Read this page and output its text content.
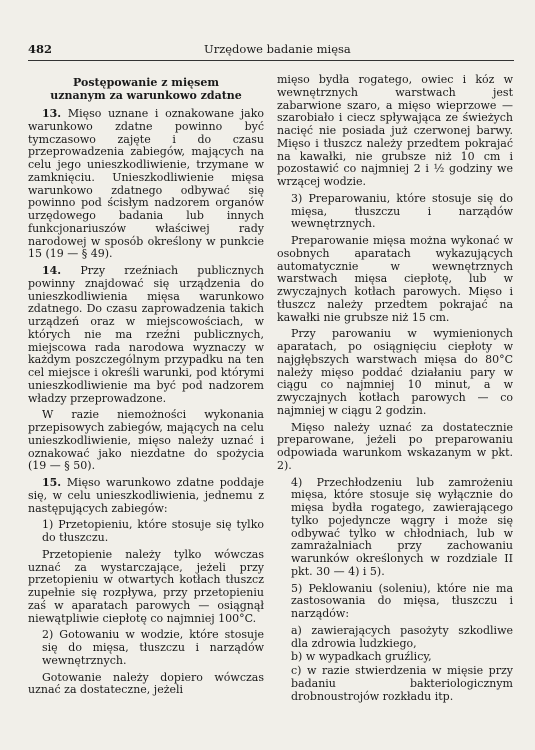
482	Urzędowe badanie mięsa
Postępowanie z mięsem
uznanym za warunkowo zdatne

13. Mięso uznane i oznakowane jako warunkowo zdatne powinno być tymczasowo zajęte i do czasu przeprowadzenia zabiegów, mających na celu jego unieszkodliwienie, trzymane w zamknięciu. Unieszkodliwienie mięsa warunkowo zdatnego odbywać się powinno pod ścisłym nadzorem organów urzędowego badania lub innych funkcjonariuszów właściwej rady narodowej w sposób określony w punkcie 15 (19 — § 49).

14. Przy rzeźniach publicznych powinny znajdować się urządzenia do unieszkodliwienia mięsa warunkowo zdatnego. Do czasu zaprowadzenia takich urządzeń oraz w miejscowościach, w których nie ma rzeźni publicznych, miejscowa rada narodowa wyznaczy w każdym poszczególnym przypadku na ten cel miejsce i określi warunki, pod którymi unieszkodliwienie ma być pod nadzorem władzy przeprowadzone.

W razie niemożności wykonania przepisowych zabiegów, mających na celu unieszkodliwienie, mięso należy uznać i oznakować jako niezdatne do spożycia (19 — § 50).

15. Mięso warunkowo zdatne poddaje się, w celu unieszkodliwienia, jednemu z następujących zabiegów:

1) Przetopieniu, które stosuje się tylko do tłuszczu.

Przetopienie należy tylko wówczas uznać za wystarczające, jeżeli przy przetopieniu w otwartych kotłach tłuszcz zupełnie się rozpływa, przy przetopieniu zaś w aparatach parowych — osiągnął niewątpliwie ciepłotę co najmniej 100°C.

2) Gotowaniu w wodzie, które stosuje się do mięsa, tłuszczu i narządów wewnętrznych.

Gotowanie należy dopiero wówczas uznać za dostateczne, jeżeli

mięso bydła rogatego, owiec i kóz w wewnętrznych warstwach jest zabarwione szaro, a mięso wieprzowe — szarobiało i ciecz spływająca ze świeżych nacięć nie posiada już czerwonej barwy. Mięso i tłuszcz należy przedtem pokrajać na kawałki, nie grubsze niż 10 cm i pozostawić co najmniej 2 i ½ godziny we wrzącej wodzie.

3) Preparowaniu, które stosuje się do mięsa, tłuszczu i narządów wewnętrznych.

Preparowanie mięsa można wykonać w osobnych aparatach wykazujących automatycznie w wewnętrznych warstwach mięsa ciepłotę, lub w zwyczajnych kotłach parowych. Mięso i tłuszcz należy przedtem pokrajać na kawałki nie grubsze niż 15 cm.

Przy parowaniu w wymienionych aparatach, po osiągnięciu ciepłoty w najgłębszych warstwach mięsa do 80°C należy mięso poddać działaniu pary w ciągu co najmniej 10 minut, a w zwyczajnych kotłach parowych — co najmniej w ciągu 2 godzin.

Mięso należy uznać za dostatecznie preparowane, jeżeli po preparowaniu odpowiada warunkom wskazanym w pkt. 2).

4) Przechłodzeniu lub zamrożeniu mięsa, które stosuje się wyłącznie do mięsa bydła rogatego, zawierającego tylko pojedyncze wągry i może się odbywać tylko w chłodniach, lub w zamrażalniach przy zachowaniu warunków określonych w rozdziale II pkt. 30 — 4) i 5).

5) Peklowaniu (soleniu), które nie ma zastosowania do mięsa, tłuszczu i narządów:

a) zawierających pasożyty szkodliwe dla zdrowia ludzkiego,

b) w wypadkach gruźlicy,

c) w razie stwierdzenia w mięsie przy badaniu bakteriologicznym drobnoustrojów rozkładu itp.
